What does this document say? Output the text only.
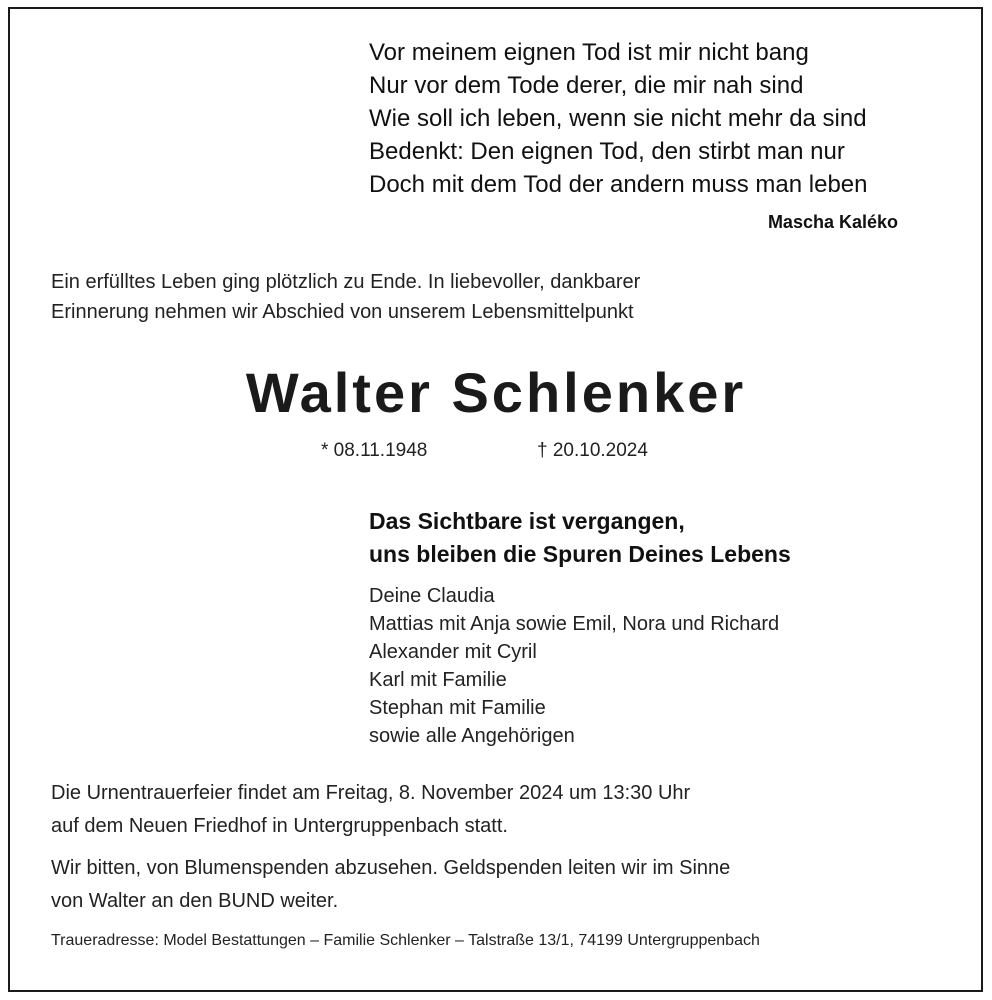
Vor meinem eignen Tod ist mir nicht bang
Nur vor dem Tode derer, die mir nah sind
Wie soll ich leben, wenn sie nicht mehr da sind
Bedenkt: Den eignen Tod, den stirbt man nur
Doch mit dem Tod der andern muss man leben
Mascha Kaléko
Ein erfülltes Leben ging plötzlich zu Ende. In liebevoller, dankbarer
Erinnerung nehmen wir Abschied von unserem Lebensmittelpunkt
Walter Schlenker
* 08.11.1948	† 20.10.2024
Das Sichtbare ist vergangen,
uns bleiben die Spuren Deines Lebens
Deine Claudia
Mattias mit Anja sowie Emil, Nora und Richard
Alexander mit Cyril
Karl mit Familie
Stephan mit Familie
sowie alle Angehörigen
Die Urnentrauerfeier findet am Freitag, 8. November 2024 um 13:30 Uhr
auf dem Neuen Friedhof in Untergruppenbach statt.
Wir bitten, von Blumenspenden abzusehen. Geldspenden leiten wir im Sinne
von Walter an den BUND weiter.
Traueradresse: Model Bestattungen – Familie Schlenker – Talstraße 13/1, 74199 Untergruppenbach
